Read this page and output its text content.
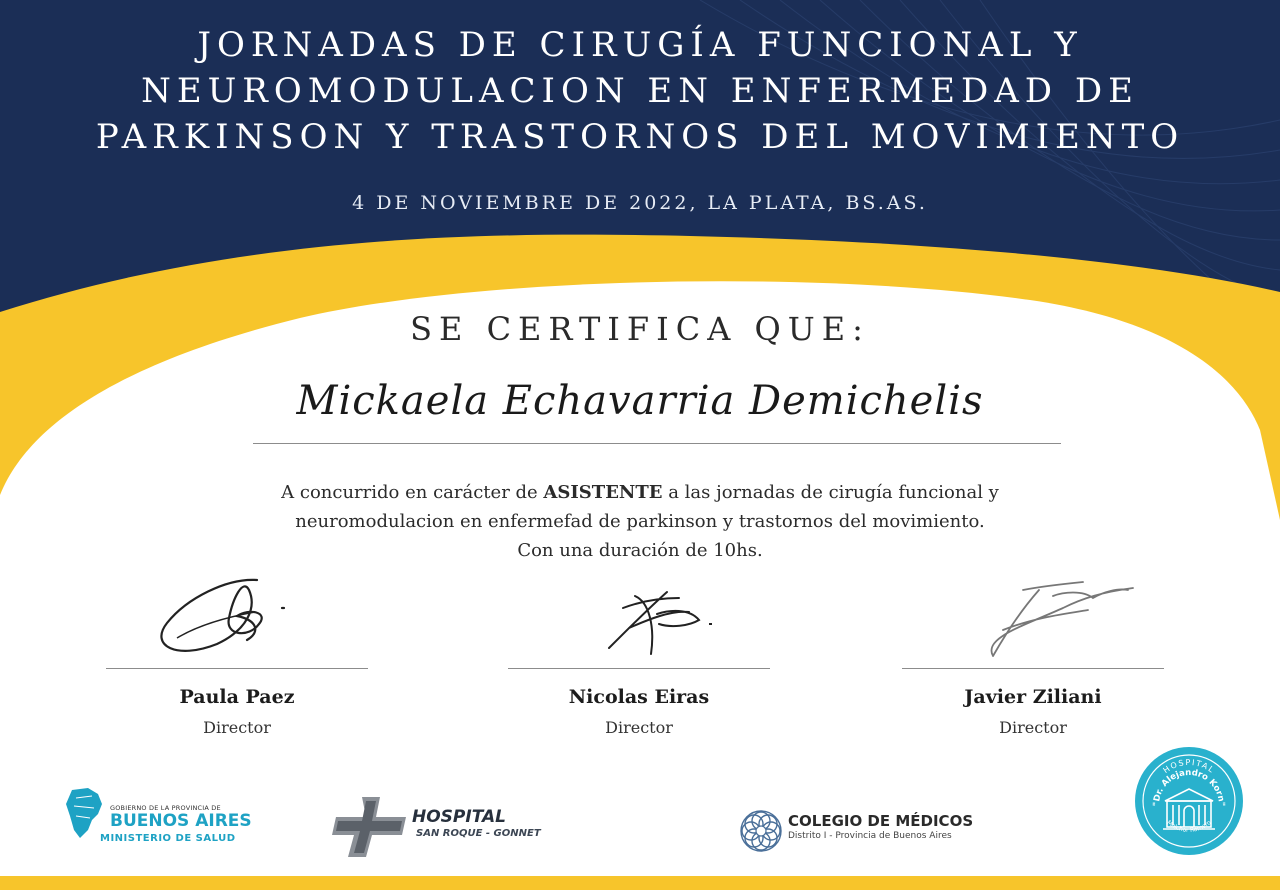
JORNADAS DE CIRUGÍA FUNCIONAL Y
NEUROMODULACION EN ENFERMEDAD DE
PARKINSON Y TRASTORNOS DEL MOVIMIENTO
4 DE NOVIEMBRE DE 2022, LA PLATA, BS.AS.
SE CERTIFICA QUE:
Mickaela Echavarria Demichelis
A concurrido en carácter de ASISTENTE a las jornadas de cirugía funcional y
neuromodulacion en enfermefad de parkinson y trastornos del movimiento.
Con una duración de 10hs.
Paula Paez
Director
Nicolas Eiras
Director
Javier Ziliani
Director
GOBIERNO DE LA PROVINCIA DE
BUENOS AIRES
MINISTERIO DE SALUD
HOSPITAL
SAN ROQUE - GONNET
COLEGIO DE MÉDICOS
Distrito I - Provincia de Buenos Aires
HOSPITAL
"Dr. Alejandro Korn"
Melchor Romero
